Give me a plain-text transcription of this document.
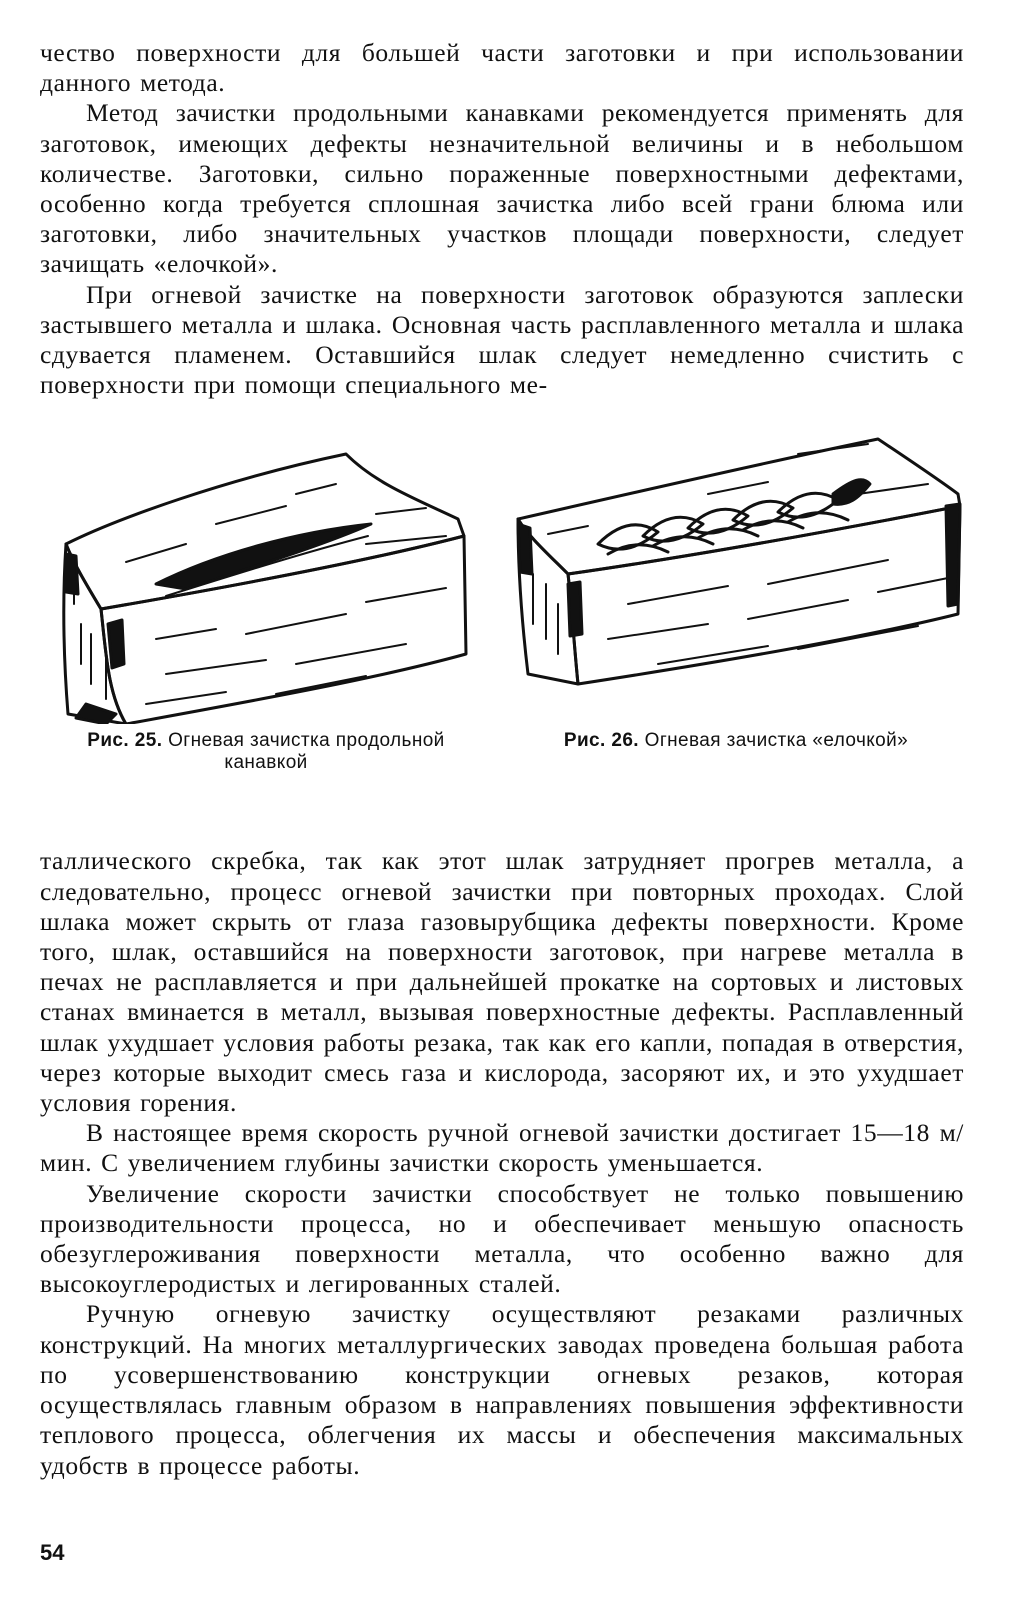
чество поверхности для большей части заготовки и при использовании данного метода.

Метод зачистки продольными канавками рекомендуется применять для заготовок, имеющих дефекты незначительной величины и в небольшом количестве. Заготовки, сильно пораженные поверхностными дефектами, особенно когда требуется сплошная зачистка либо всей грани блюма или заготовки, либо значительных участков площади поверхности, следует зачищать «елочкой».

При огневой зачистке на поверхности заготовок образуются заплески застывшего металла и шлака. Основная часть расплавленного металла и шлака сдувается пламенем. Оставшийся шлак следует немедленно счистить с поверхности при помощи специального ме-

Рис. 25. Огневая зачистка продольной канавкой
Рис. 26. Огневая зачистка «елочкой»

таллического скребка, так как этот шлак затрудняет прогрев металла, а следовательно, процесс огневой зачистки при повторных проходах. Слой шлака может скрыть от глаза газовырубщика дефекты поверхности. Кроме того, шлак, оставшийся на поверхности заготовок, при нагреве металла в печах не расплавляется и при дальнейшей прокатке на сортовых и листовых станах вминается в металл, вызывая поверхностные дефекты. Расплавленный шлак ухудшает условия работы резака, так как его капли, попадая в отверстия, через которые выходит смесь газа и кислорода, засоряют их, и это ухудшает условия горения.

В настоящее время скорость ручной огневой зачистки достигает 15—18 м/мин. С увеличением глубины зачистки скорость уменьшается.

Увеличение скорости зачистки способствует не только повышению производительности процесса, но и обеспечивает меньшую опасность обезуглероживания поверхности металла, что особенно важно для высокоуглеродистых и легированных сталей.

Ручную огневую зачистку осуществляют резаками различных конструкций. На многих металлургических заводах проведена большая работа по усовершенствованию конструкции огневых резаков, которая осуществлялась главным образом в направлениях повышения эффективности теплового процесса, облегчения их массы и обеспечения максимальных удобств в процессе работы.

54
